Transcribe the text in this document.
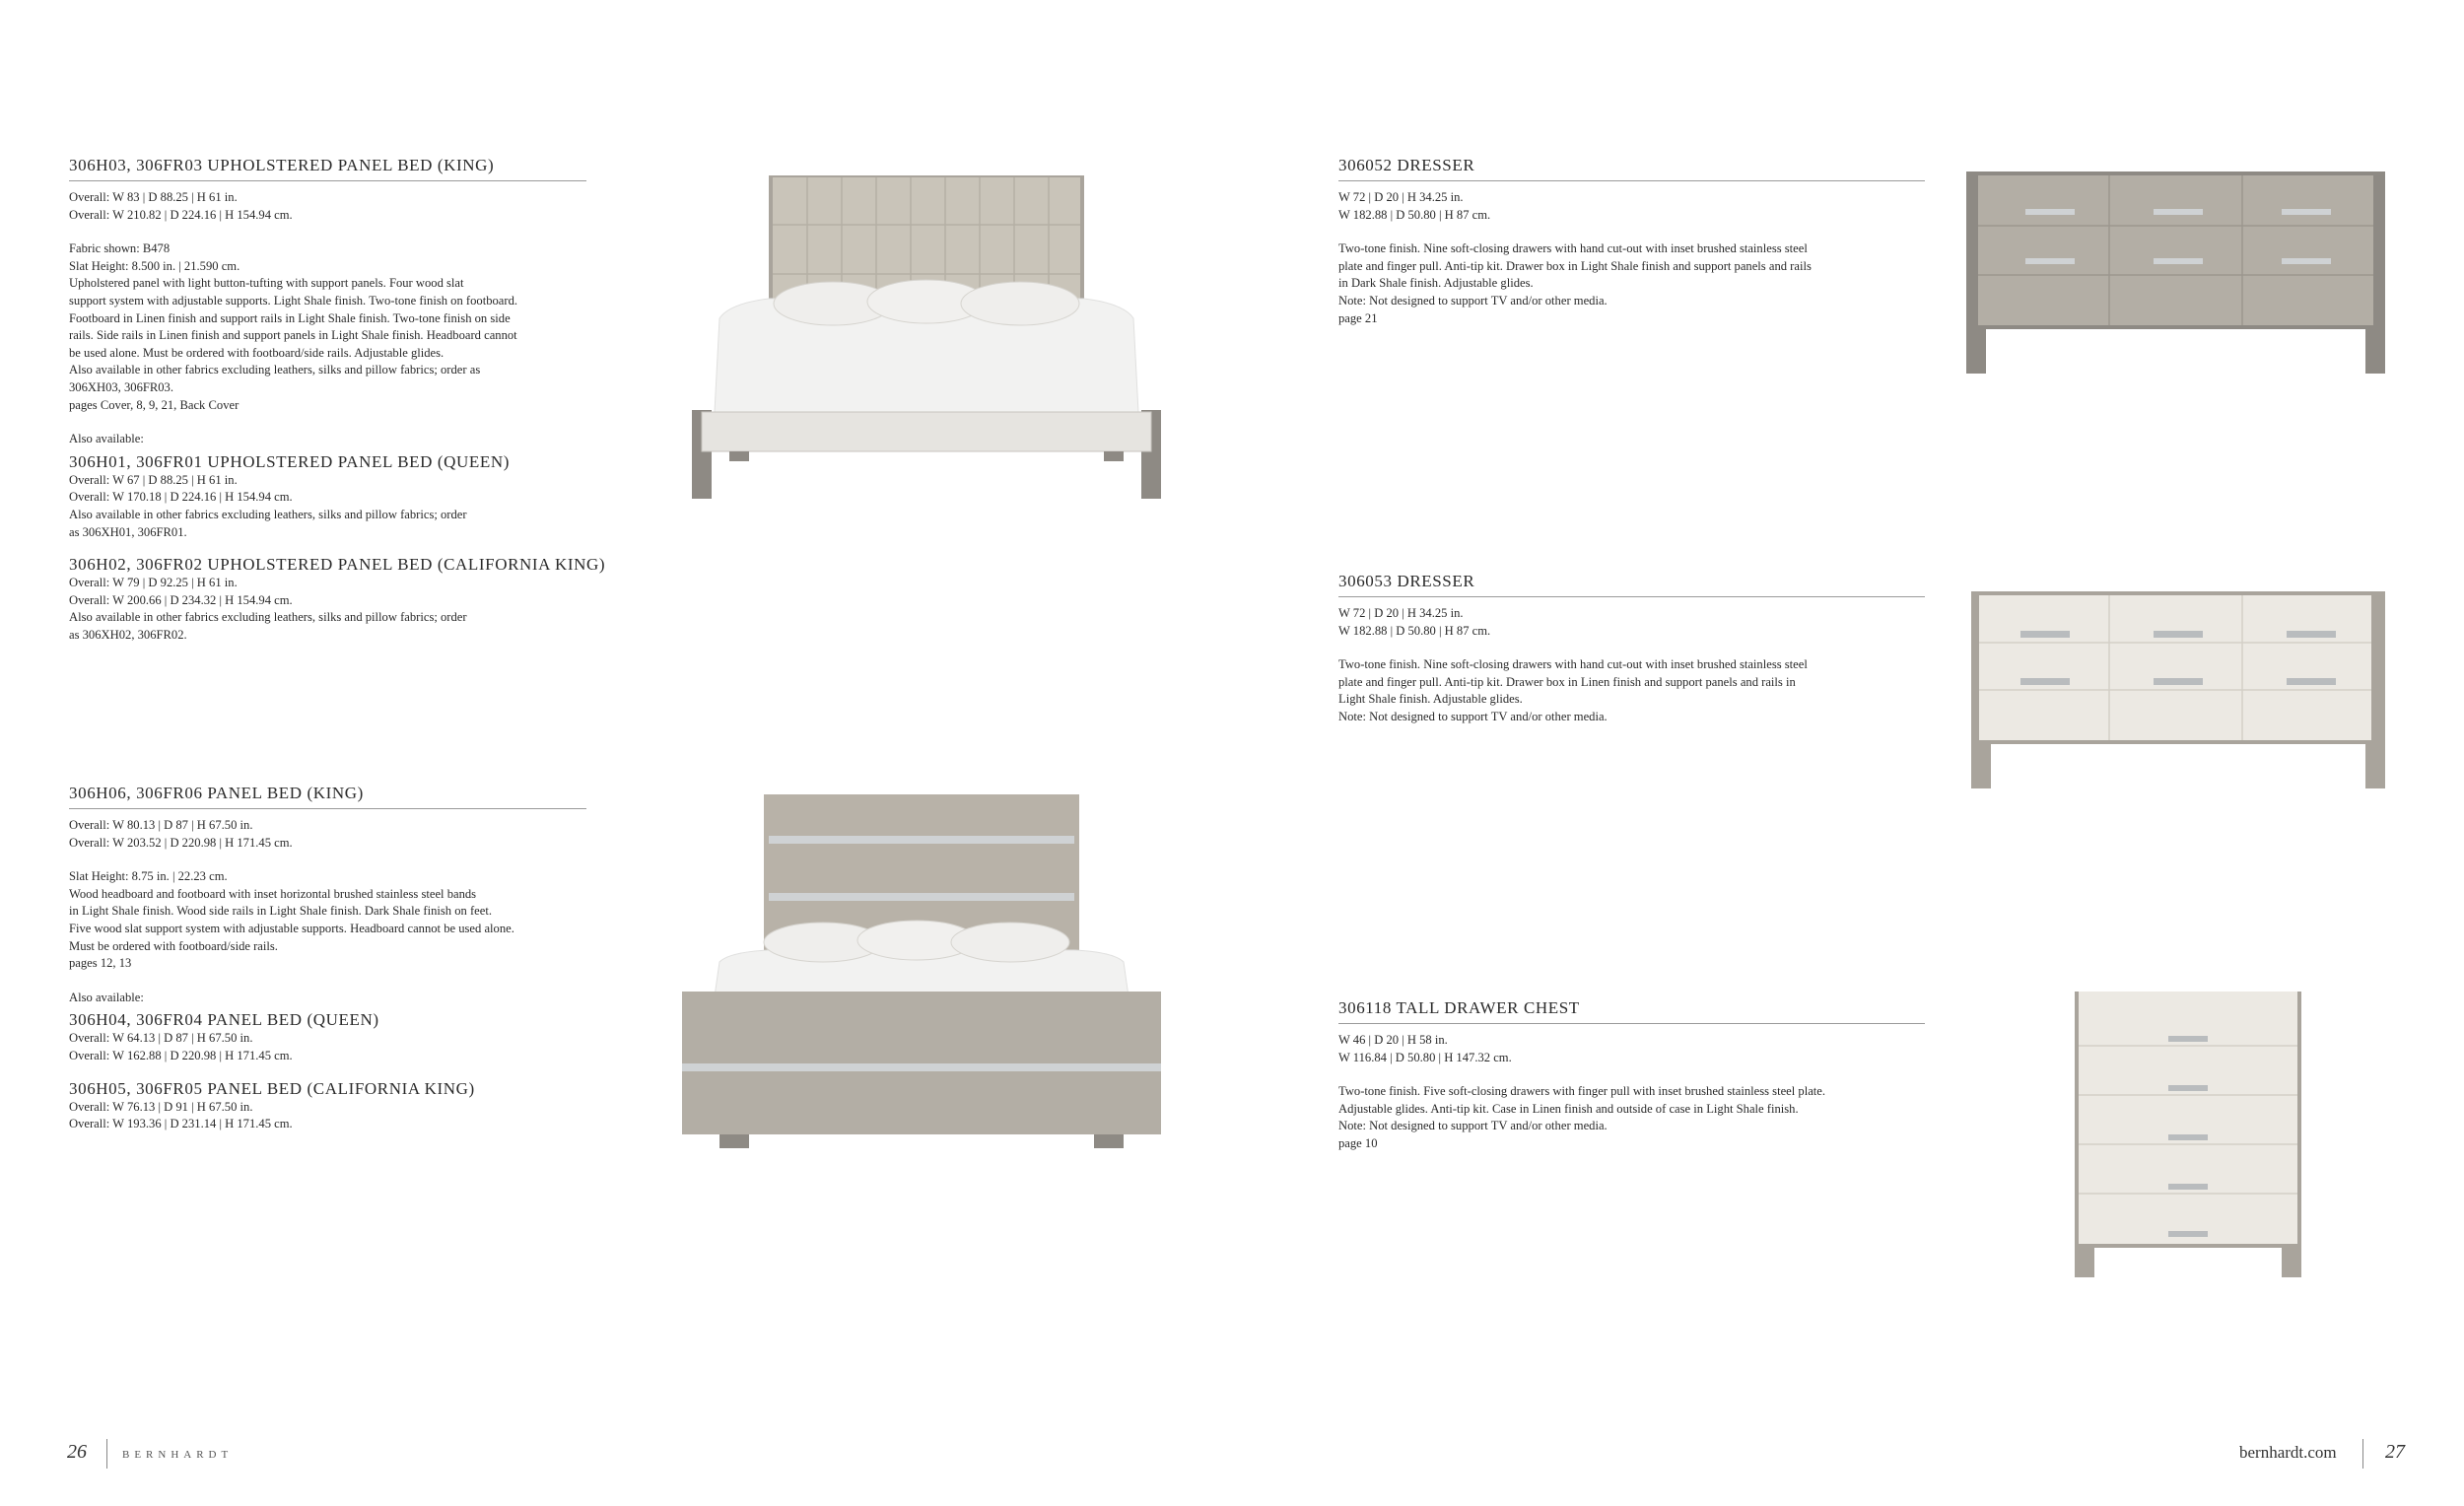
306H03, 306FR03 UPHOLSTERED PANEL BED (KING)
Overall: W 83 | D 88.25 | H 61 in.
Overall: W 210.82 | D 224.16 | H 154.94 cm.
Fabric shown: B478
Slat Height: 8.500 in. | 21.590 cm.
Upholstered panel with light button-tufting with support panels. Four wood slat
support system with adjustable supports. Light Shale finish. Two-tone finish on footboard.
Footboard in Linen finish and support rails in Light Shale finish. Two-tone finish on side
rails. Side rails in Linen finish and support panels in Light Shale finish. Headboard cannot
be used alone. Must be ordered with footboard/side rails. Adjustable glides.
Also available in other fabrics excluding leathers, silks and pillow fabrics; order as
306XH03, 306FR03.
pages Cover, 8, 9, 21, Back Cover
Also available:
306H01, 306FR01 UPHOLSTERED PANEL BED (QUEEN)
Overall: W 67 | D 88.25 | H 61 in.
Overall: W 170.18 | D 224.16 | H 154.94 cm.
Also available in other fabrics excluding leathers, silks and pillow fabrics; order
as 306XH01, 306FR01.
306H02, 306FR02 UPHOLSTERED PANEL BED (CALIFORNIA KING)
Overall: W 79 | D 92.25 | H 61 in.
Overall: W 200.66 | D 234.32 | H 154.94 cm.
Also available in other fabrics excluding leathers, silks and pillow fabrics; order
as 306XH02, 306FR02.
306H06, 306FR06 PANEL BED (KING)
Overall: W 80.13 | D 87 | H 67.50 in.
Overall: W 203.52 | D 220.98 | H 171.45 cm.
Slat Height: 8.75 in. | 22.23 cm.
Wood headboard and footboard with inset horizontal brushed stainless steel bands
in Light Shale finish. Wood side rails in Light Shale finish. Dark Shale finish on feet.
Five wood slat support system with adjustable supports. Headboard cannot be used alone.
Must be ordered with footboard/side rails.
pages 12, 13
Also available:
306H04, 306FR04 PANEL BED (QUEEN)
Overall: W 64.13 | D 87 | H 67.50 in.
Overall: W 162.88 | D 220.98 | H 171.45 cm.
306H05, 306FR05 PANEL BED (CALIFORNIA KING)
Overall: W 76.13 | D 91 | H 67.50 in.
Overall: W 193.36 | D 231.14 | H 171.45 cm.
306052 DRESSER
W 72 | D 20 | H 34.25 in.
W 182.88 | D 50.80 | H 87 cm.
Two-tone finish. Nine soft-closing drawers with hand cut-out with inset brushed stainless steel
plate and finger pull. Anti-tip kit. Drawer box in Light Shale finish and support panels and rails
in Dark Shale finish. Adjustable glides.
Note: Not designed to support TV and/or other media.
page 21
306053 DRESSER
W 72 | D 20 | H 34.25 in.
W 182.88 | D 50.80 | H 87 cm.
Two-tone finish. Nine soft-closing drawers with hand cut-out with inset brushed stainless steel
plate and finger pull. Anti-tip kit. Drawer box in Linen finish and support panels and rails in
Light Shale finish. Adjustable glides.
Note: Not designed to support TV and/or other media.
306118 TALL DRAWER CHEST
W 46 | D 20 | H 58 in.
W 116.84 | D 50.80 | H 147.32 cm.
Two-tone finish. Five soft-closing drawers with finger pull with inset brushed stainless steel plate.
Adjustable glides. Anti-tip kit. Case in Linen finish and outside of case in Light Shale finish.
Note: Not designed to support TV and/or other media.
page 10
26	BERNHARDT	bernhardt.com 27
